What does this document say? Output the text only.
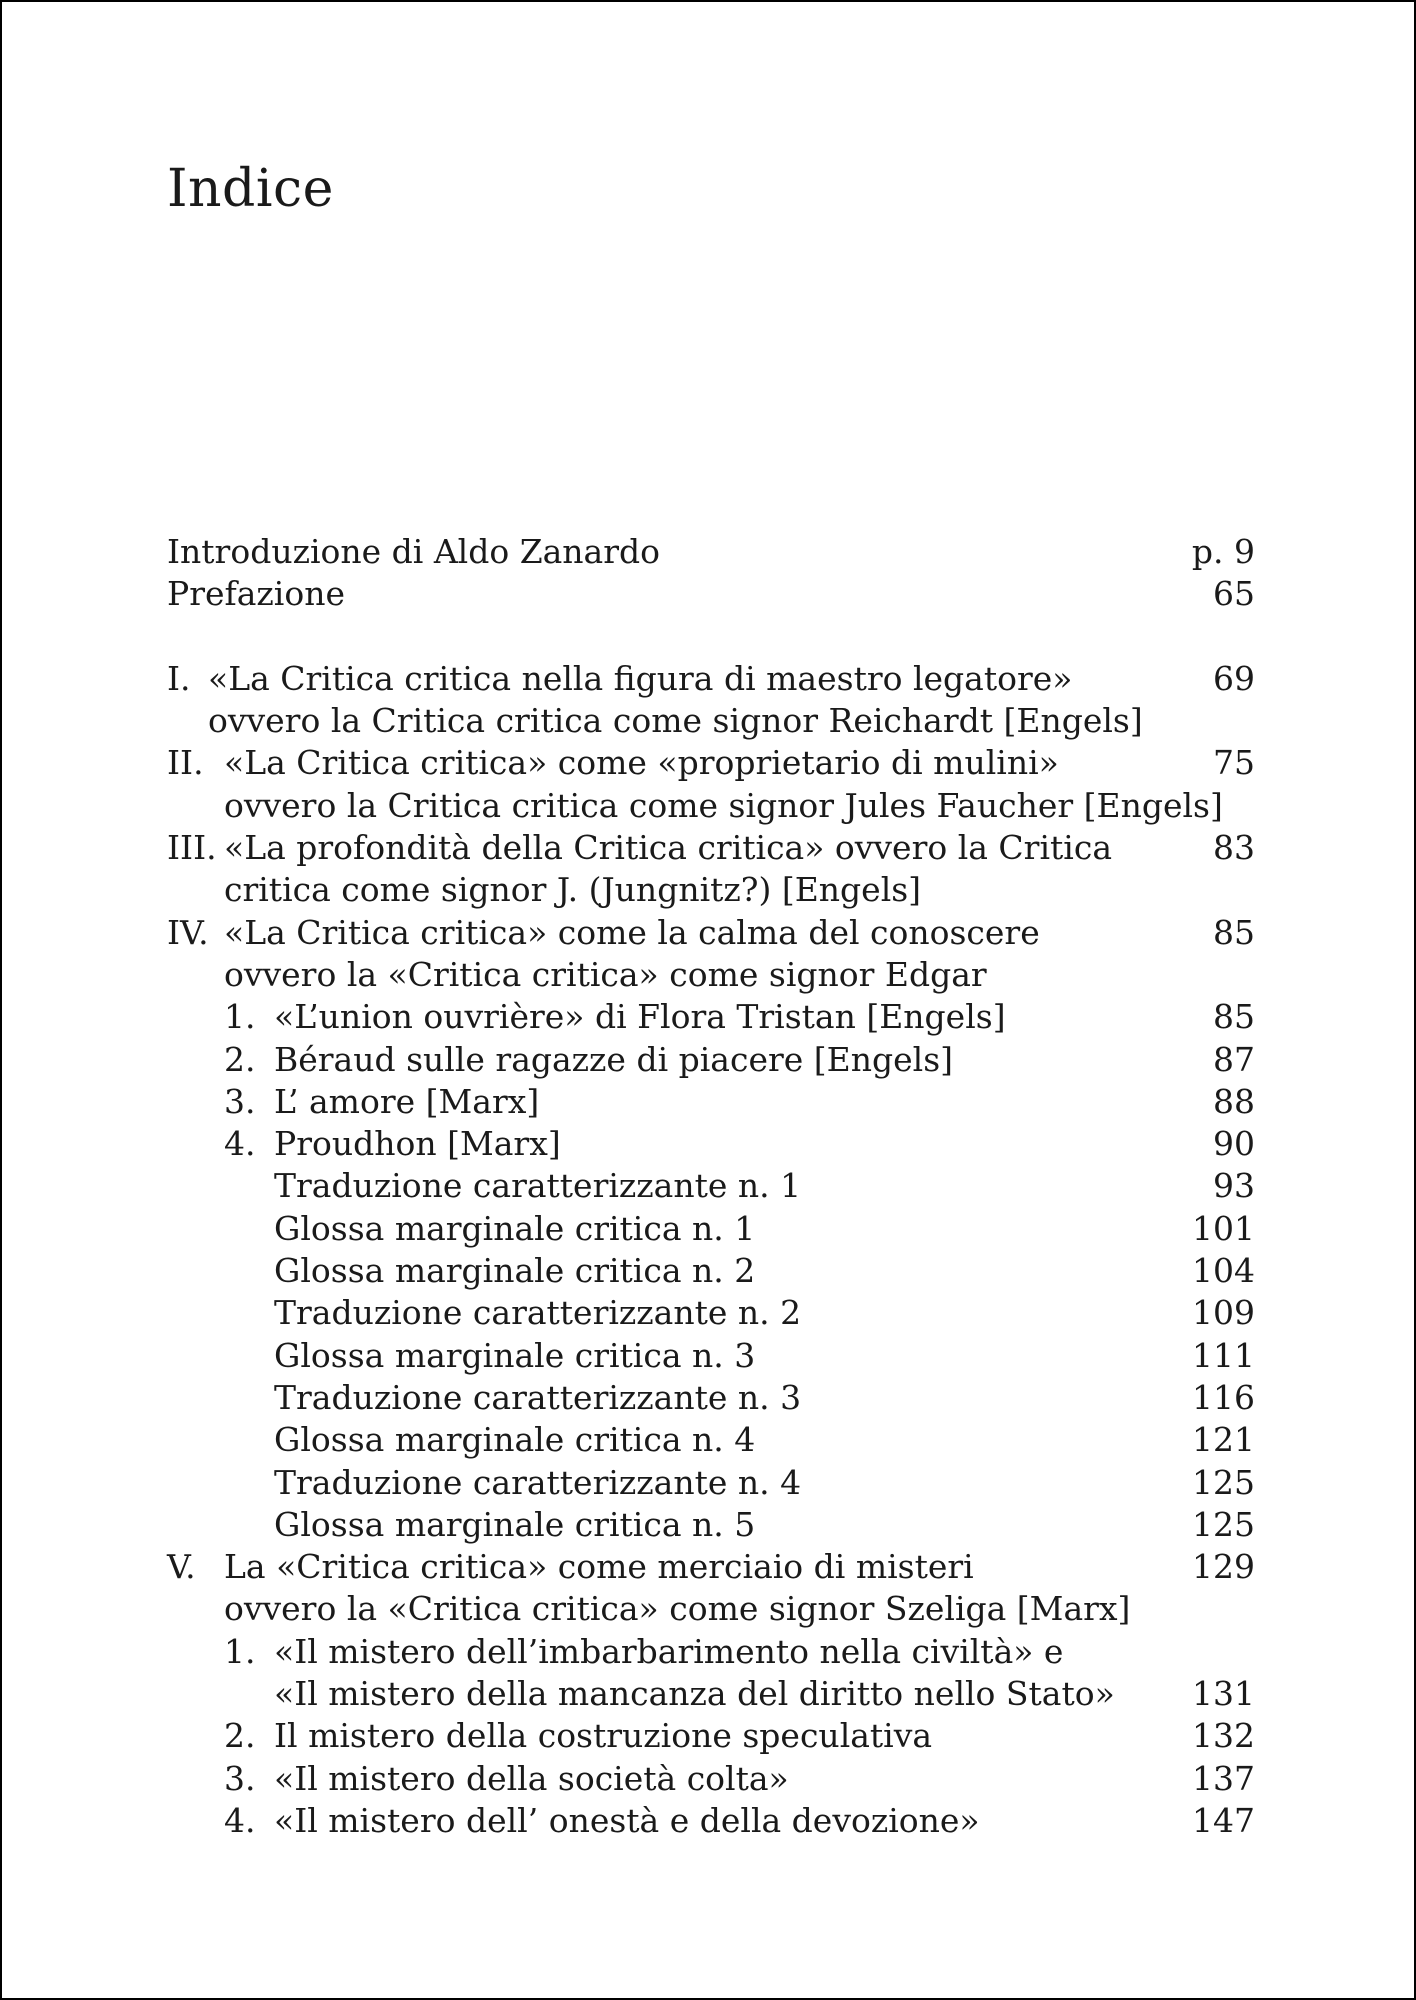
Indice
Introduzione di Aldo Zanardo	p. 9
Prefazione	65
I. «La Critica critica nella figura di maestro legatore»	69
ovvero la Critica critica come signor Reichardt [Engels]
II. «La Critica critica» come «proprietario di mulini»	75
ovvero la Critica critica come signor Jules Faucher [Engels]
III. «La profondità della Critica critica» ovvero la Critica	83
critica come signor J. (Jungnitz?) [Engels]
IV. «La Critica critica» come la calma del conoscere	85
ovvero la «Critica critica» come signor Edgar
1. «L’union ouvrière» di Flora Tristan [Engels]	85
2. Béraud sulle ragazze di piacere [Engels]	87
3. L’ amore [Marx]	88
4. Proudhon [Marx]	90
Traduzione caratterizzante n. 1	93
Glossa marginale critica n. 1	101
Glossa marginale critica n. 2	104
Traduzione caratterizzante n. 2	109
Glossa marginale critica n. 3	111
Traduzione caratterizzante n. 3	116
Glossa marginale critica n. 4	121
Traduzione caratterizzante n. 4	125
Glossa marginale critica n. 5	125
V. La «Critica critica» come merciaio di misteri	129
ovvero la «Critica critica» come signor Szeliga [Marx]
1. «Il mistero dell’imbarbarimento nella civiltà» e
«Il mistero della mancanza del diritto nello Stato» 131
2. Il mistero della costruzione speculativa	132
3. «Il mistero della società colta»	137
4. «Il mistero dell’ onestà e della devozione»	147
